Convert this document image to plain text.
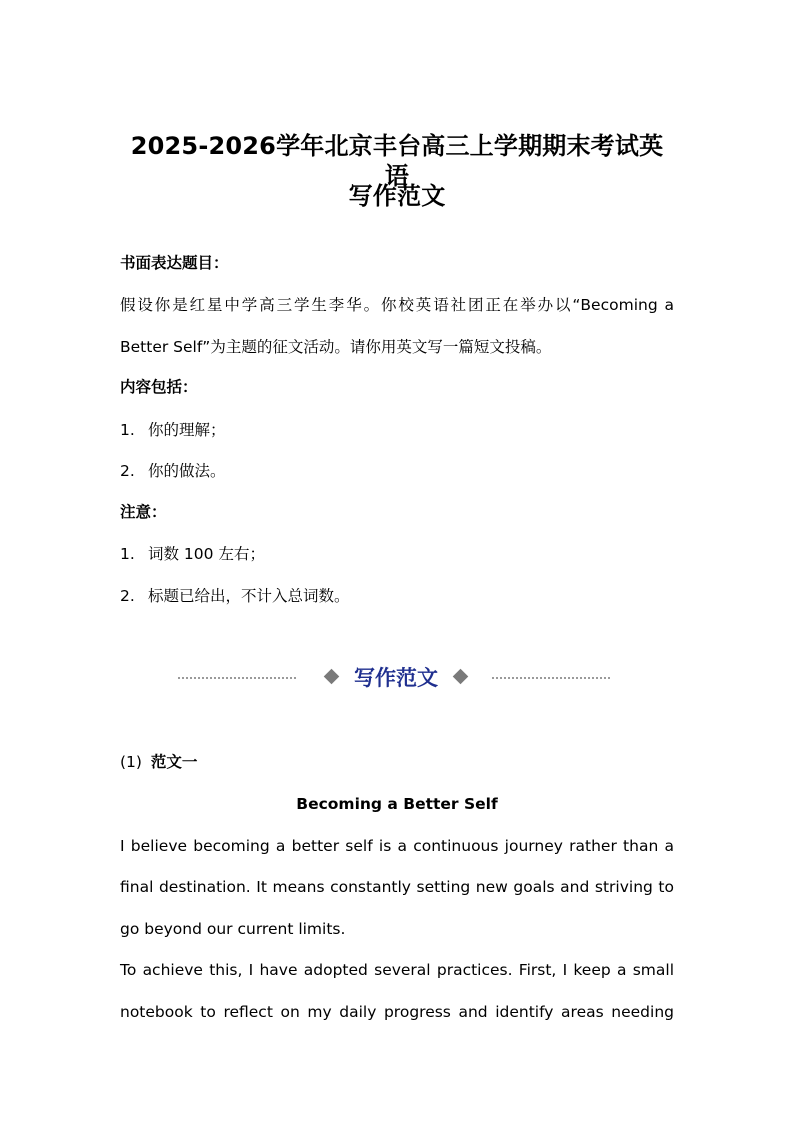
2025-2026学年北京丰台高三上学期期末考试英语
写作范文
书面表达题目：
假设你是红星中学高三学生李华。你校英语社团正在举办以“Becoming a
Better Self”为主题的征文活动。请你用英文写一篇短文投稿。
内容包括：
1. 你的理解；
2. 你的做法。
注意：
1. 词数 100 左右；
2. 标题已给出，不计入总词数。
(1) 范文一
Becoming a Better Self
I believe becoming a better self is a continuous journey rather than a
final destination. It means constantly setting new goals and striving to
go beyond our current limits.
To achieve this, I have adopted several practices. First, I keep a small
notebook to reflect on my daily progress and identify areas needing
写作范文
